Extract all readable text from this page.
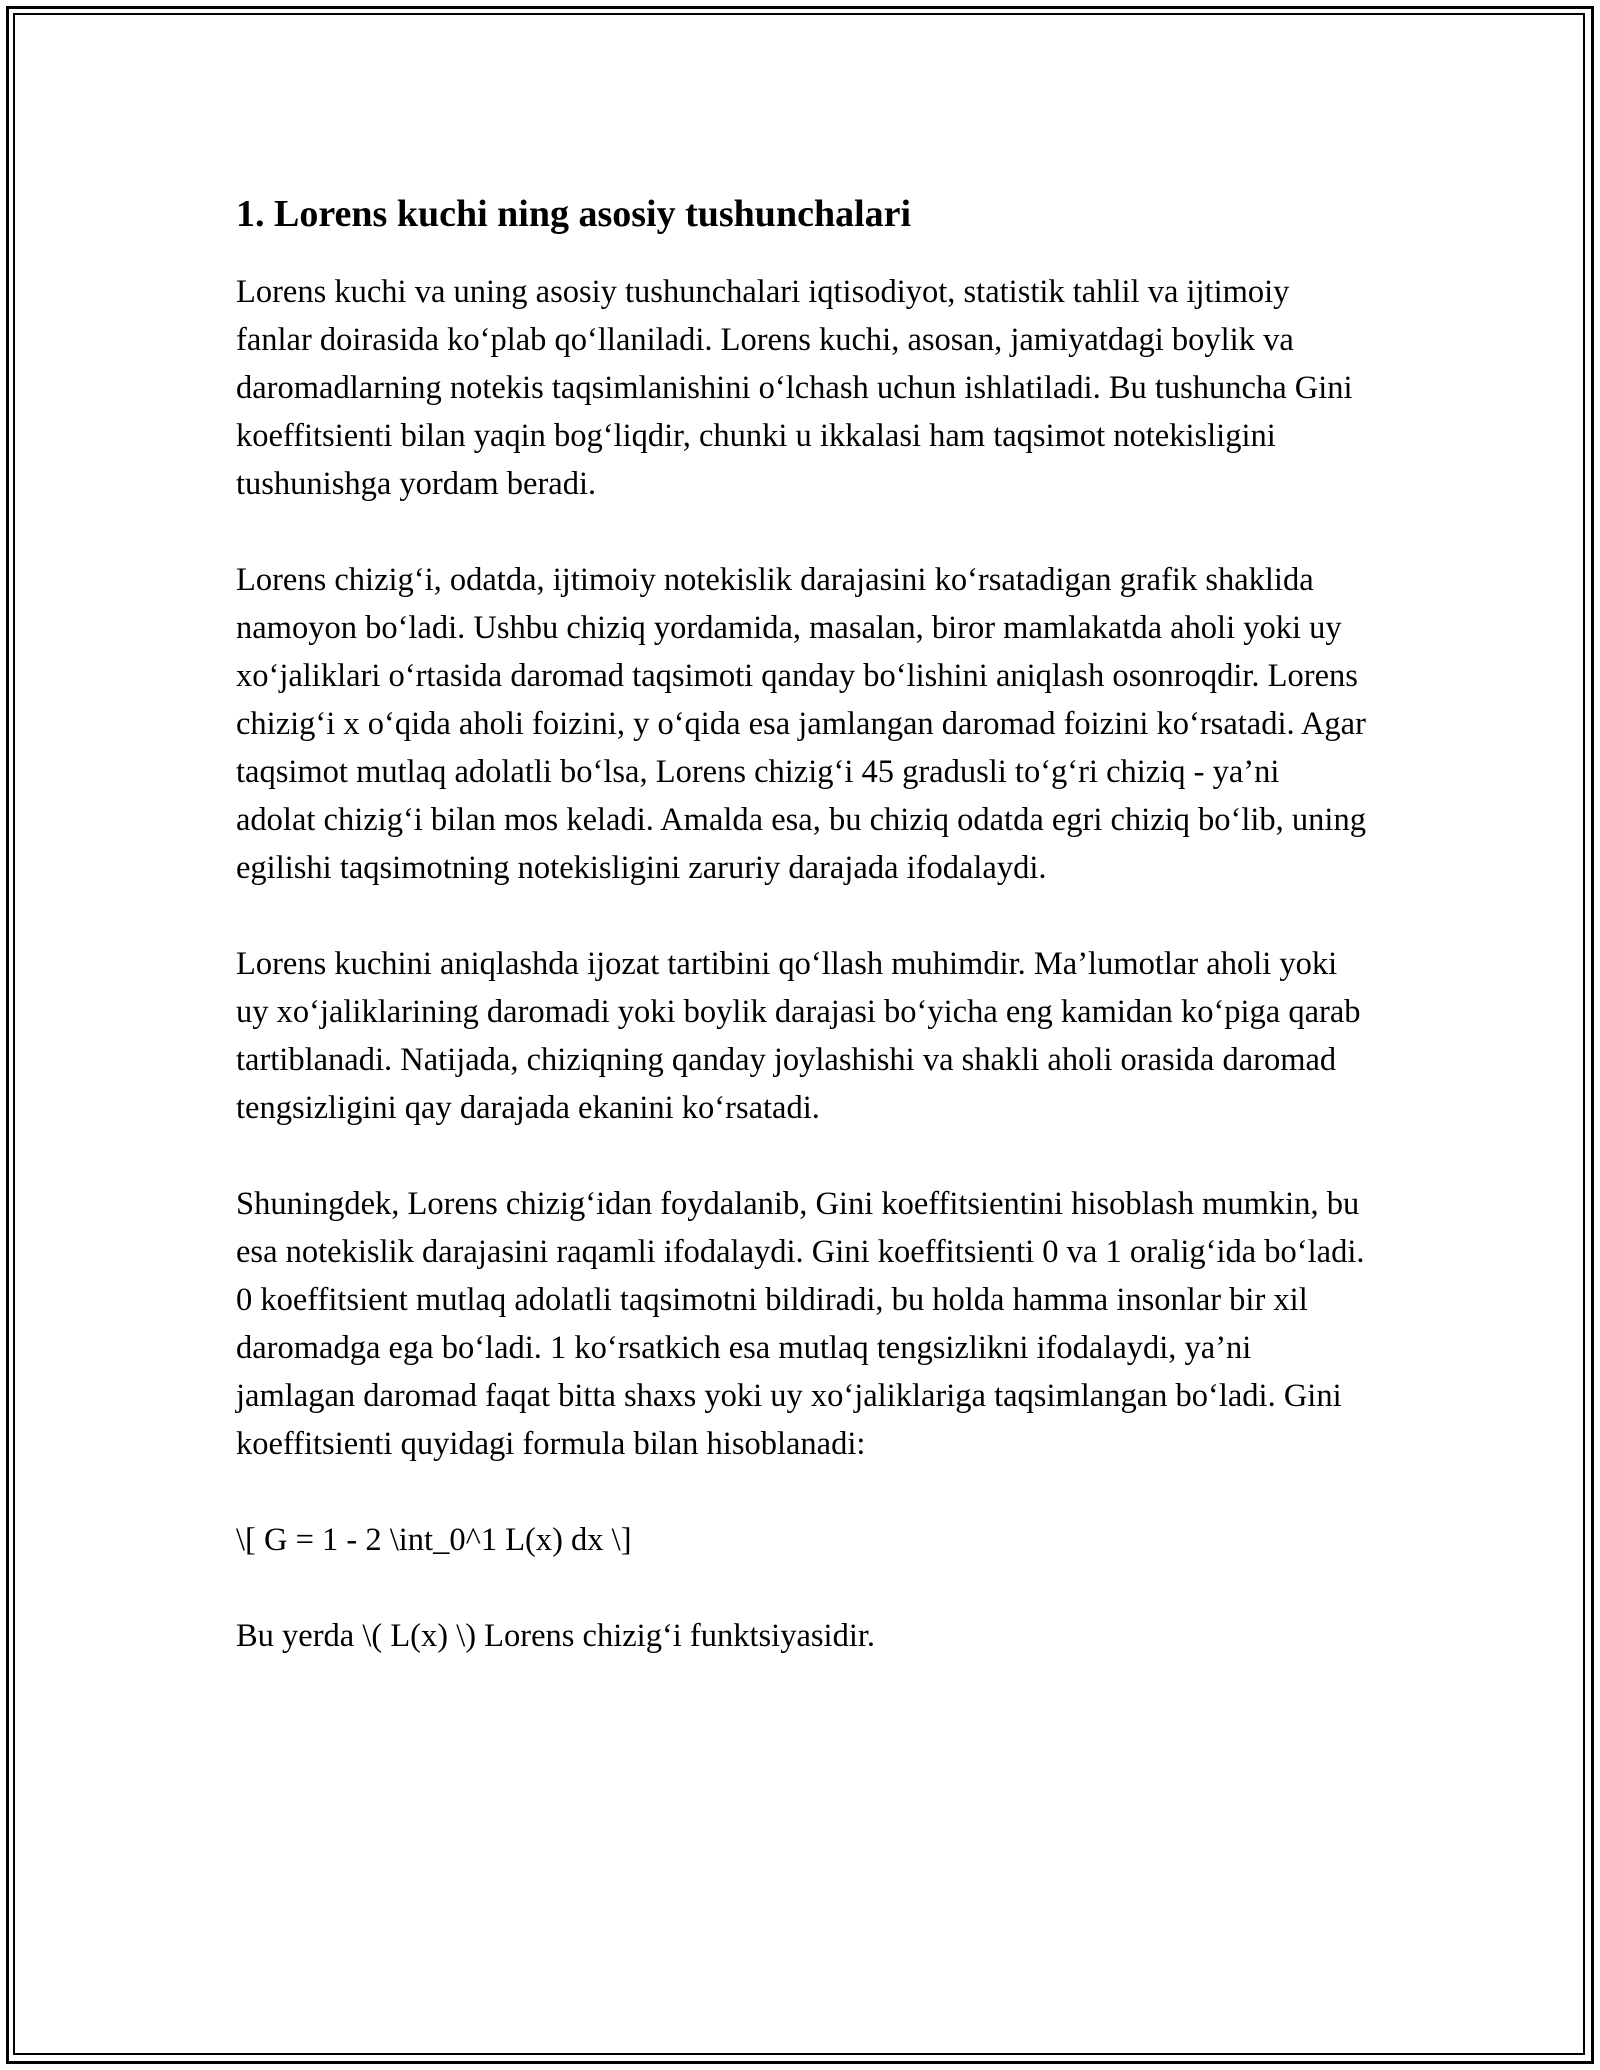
1. Lorens kuchi ning asosiy tushunchalari

Lorens kuchi va uning asosiy tushunchalari iqtisodiyot, statistik tahlil va ijtimoiy fanlar doirasida ko‘plab qo‘llaniladi. Lorens kuchi, asosan, jamiyatdagi boylik va daromadlarning notekis taqsimlanishini o‘lchash uchun ishlatiladi. Bu tushuncha Gini koeffitsienti bilan yaqin bog‘liqdir, chunki u ikkalasi ham taqsimot notekisligini tushunishga yordam beradi.

Lorens chizig‘i, odatda, ijtimoiy notekislik darajasini ko‘rsatadigan grafik shaklida namoyon bo‘ladi. Ushbu chiziq yordamida, masalan, biror mamlakatda aholi yoki uy xo‘jaliklari o‘rtasida daromad taqsimoti qanday bo‘lishini aniqlash osonroqdir. Lorens chizig‘i x o‘qida aholi foizini, y o‘qida esa jamlangan daromad foizini ko‘rsatadi. Agar taqsimot mutlaq adolatli bo‘lsa, Lorens chizig‘i 45 gradusli to‘g‘ri chiziq - ya’ni adolat chizig‘i bilan mos keladi. Amalda esa, bu chiziq odatda egri chiziq bo‘lib, uning egilishi taqsimotning notekisligini zaruriy darajada ifodalaydi.

Lorens kuchini aniqlashda ijozat tartibini qo‘llash muhimdir. Ma’lumotlar aholi yoki uy xo‘jaliklarining daromadi yoki boylik darajasi bo‘yicha eng kamidan ko‘piga qarab tartiblanadi. Natijada, chiziqning qanday joylashishi va shakli aholi orasida daromad tengsizligini qay darajada ekanini ko‘rsatadi.

Shuningdek, Lorens chizig‘idan foydalanib, Gini koeffitsientini hisoblash mumkin, bu esa notekislik darajasini raqamli ifodalaydi. Gini koeffitsienti 0 va 1 oralig‘ida bo‘ladi. 0 koeffitsient mutlaq adolatli taqsimotni bildiradi, bu holda hamma insonlar bir xil daromadga ega bo‘ladi. 1 ko‘rsatkich esa mutlaq tengsizlikni ifodalaydi, ya’ni jamlagan daromad faqat bitta shaxs yoki uy xo‘jaliklariga taqsimlangan bo‘ladi. Gini koeffitsienti quyidagi formula bilan hisoblanadi:

\[ G = 1 - 2 \int_0^1 L(x) dx \]

Bu yerda \( L(x) \) Lorens chizig‘i funktsiyasidir.
